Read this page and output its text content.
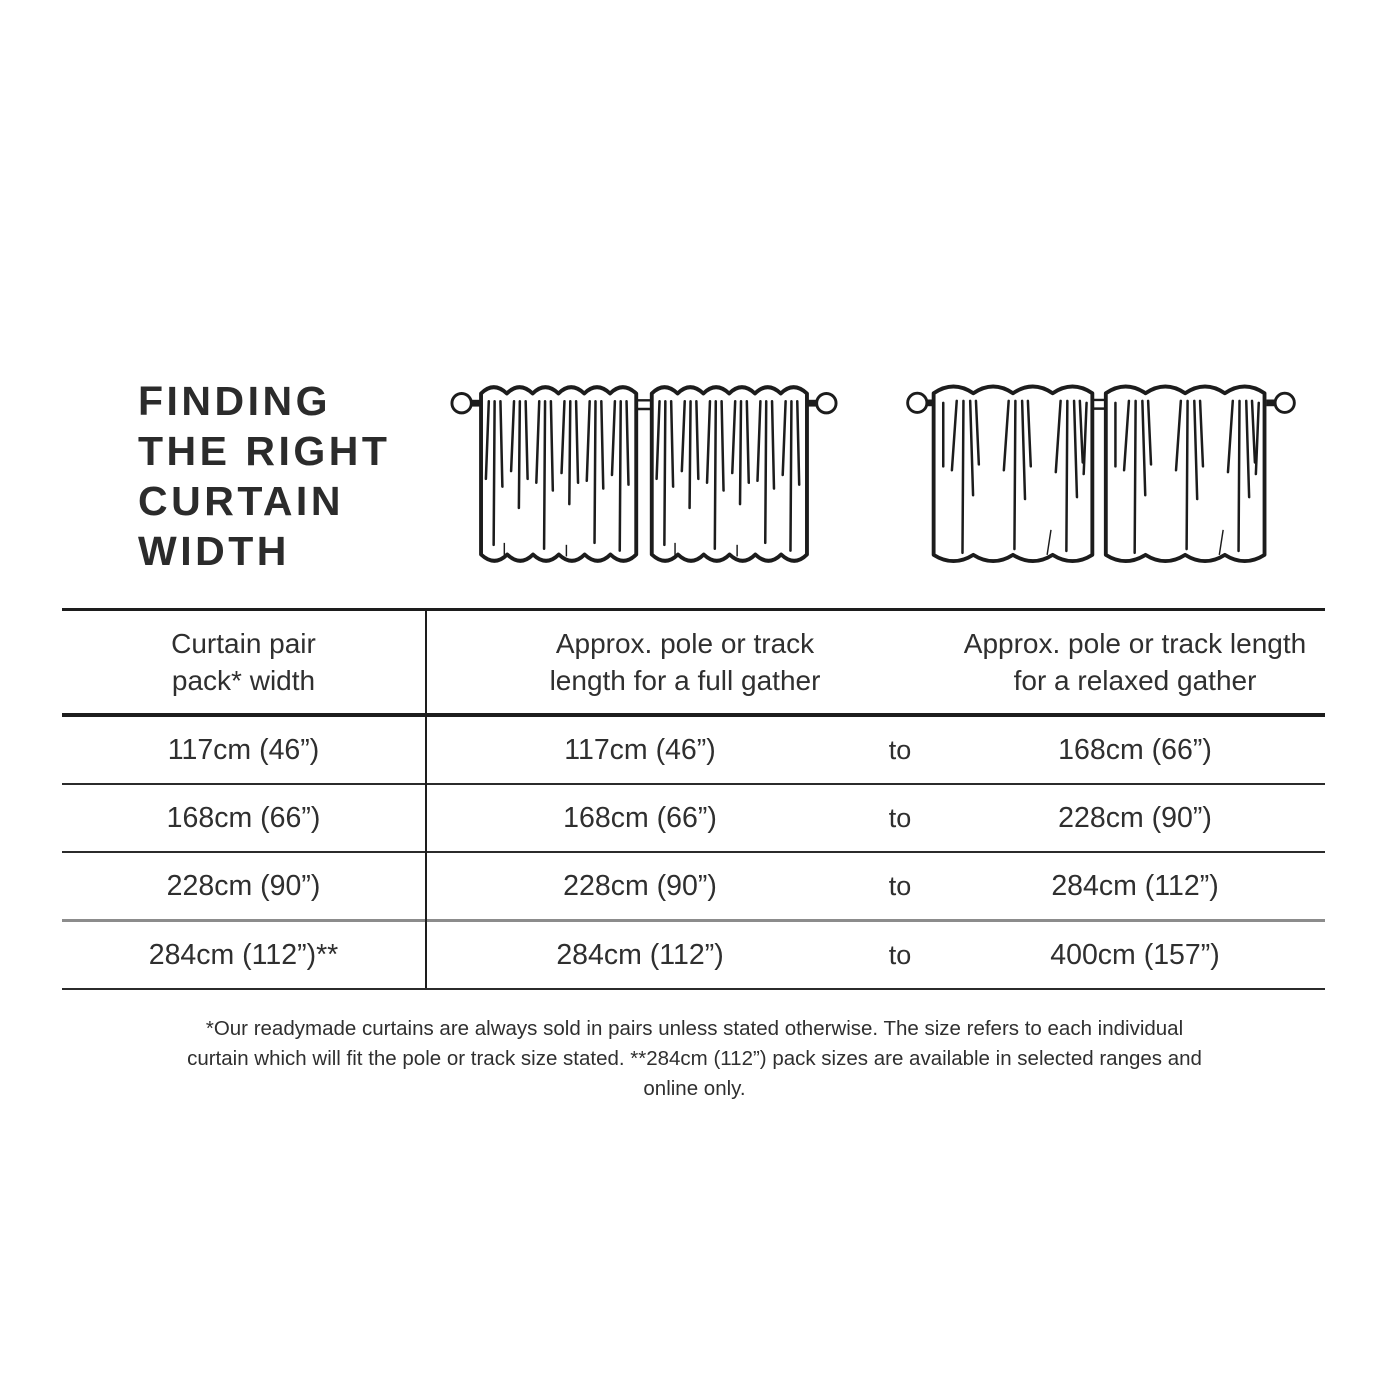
FINDING
THE RIGHT
CURTAIN
WIDTH
Curtain pair
pack* width
Approx. pole or track
length for a full gather
Approx. pole or track length
for a relaxed gather
117cm (46”)	117cm (46”)	to	168cm (66”)
168cm (66”)	168cm (66”)	to	228cm (90”)
228cm (90”)	228cm (90”)	to	284cm (112”)
284cm (112”)**	284cm (112”)	to	400cm (157”)
*Our readymade curtains are always sold in pairs unless stated otherwise. The size refers to each individual curtain which will fit the pole or track size stated. **284cm (112”) pack sizes are available in selected ranges and online only.
